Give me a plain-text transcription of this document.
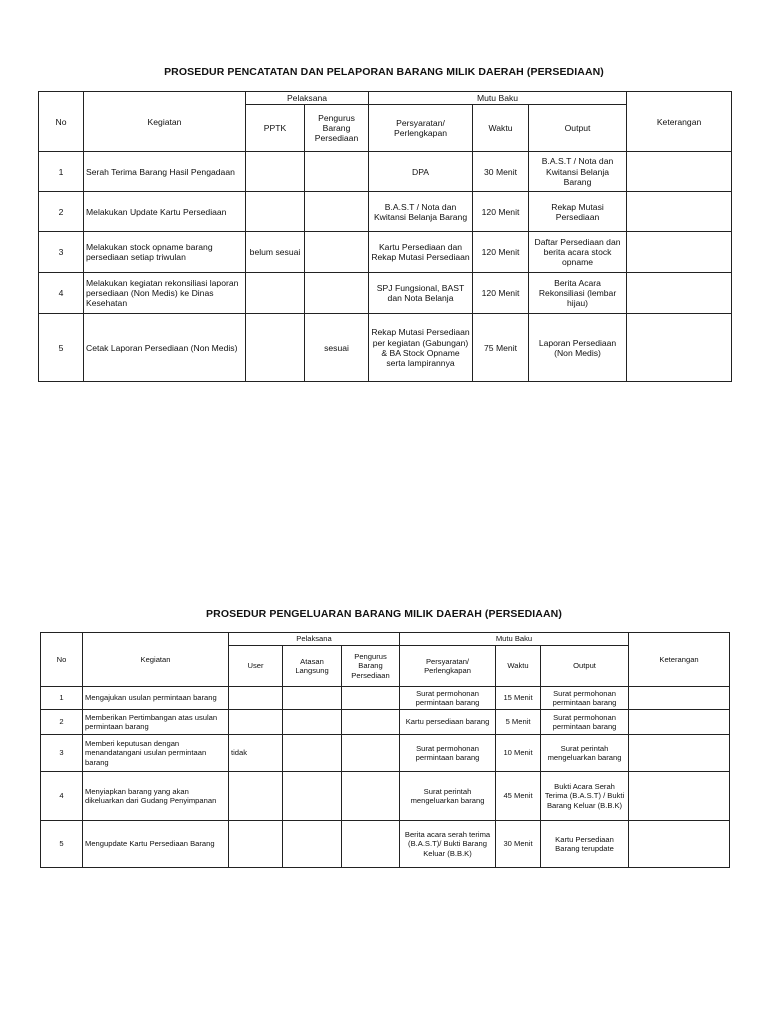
PROSEDUR PENCATATAN DAN PELAPORAN BARANG MILIK DAERAH (PERSEDIAAN)
No	Kegiatan	Pelaksana		Mutu Baku			Keterangan
		PPTK	Pengurus Barang Persediaan	Persyaratan/ Perlengkapan	Waktu	Output	
1	Serah Terima Barang Hasil Pengadaan			DPA	30 Menit	B.A.S.T / Nota dan Kwitansi Belanja Barang	
2	Melakukan Update Kartu Persediaan			B.A.S.T / Nota dan Kwitansi Belanja Barang	120 Menit	Rekap Mutasi Persediaan	
3	Melakukan stock opname barang persediaan setiap triwulan	belum sesuai		Kartu Persediaan dan Rekap Mutasi Persediaan	120 Menit	Daftar Persediaan dan berita acara stock opname	
4	Melakukan kegiatan rekonsiliasi laporan persediaan (Non Medis) ke Dinas Kesehatan			SPJ Fungsional, BAST dan Nota Belanja	120 Menit	Berita Acara Rekonsiliasi (lembar hijau)	
5	Cetak Laporan Persediaan (Non Medis)		sesuai	Rekap Mutasi Persediaan per kegiatan (Gabungan) & BA Stock Opname serta lampirannya	75 Menit	Laporan Persediaan (Non Medis)	
PROSEDUR PENGELUARAN BARANG MILIK DAERAH (PERSEDIAAN)
No	Kegiatan	Pelaksana			Mutu Baku			Keterangan
		User	Atasan Langsung	Pengurus Barang Persediaan	Persyaratan/ Perlengkapan	Waktu	Output	
1	Mengajukan usulan permintaan barang				Surat permohonan permintaan barang	15 Menit	Surat permohonan permintaan barang	
2	Memberikan Pertimbangan atas usulan permintaan barang				Kartu persediaan barang	5 Menit	Surat permohonan permintaan barang	
3	Memberi keputusan dengan menandatangani usulan permintaan barang	tidak			Surat permohonan permintaan barang	10 Menit	Surat perintah mengeluarkan barang	
4	Menyiapkan barang yang akan dikeluarkan dari Gudang Penyimpanan				Surat perintah mengeluarkan barang	45 Menit	Bukti Acara Serah Terima (B.A.S.T) / Bukti Barang Keluar (B.B.K)	
5	Mengupdate Kartu Persediaan Barang				Berita acara serah terima (B.A.S.T)/ Bukti Barang Keluar (B.B.K)	30 Menit	Kartu Persediaan Barang terupdate	
